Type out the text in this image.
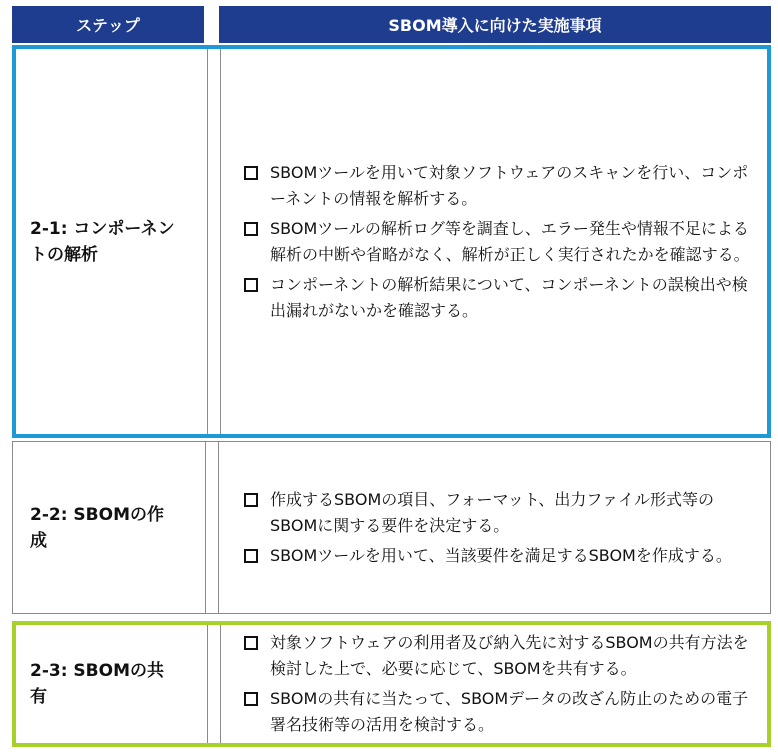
ステップ	SBOM導入に向けた実施事項
2-1: コンポーネントの解析
SBOMツールを用いて対象ソフトウェアのスキャンを行い、コンポーネントの情報を解析する。
SBOMツールの解析ログ等を調査し、エラー発生や情報不足による解析の中断や省略がなく、解析が正しく実行されたかを確認する。
コンポーネントの解析結果について、コンポーネントの誤検出や検出漏れがないかを確認する。
2-2: SBOMの作成
作成するSBOMの項目、フォーマット、出力ファイル形式等のSBOMに関する要件を決定する。
SBOMツールを用いて、当該要件を満足するSBOMを作成する。
2-3: SBOMの共有
対象ソフトウェアの利用者及び納入先に対するSBOMの共有方法を検討した上で、必要に応じて、SBOMを共有する。
SBOMの共有に当たって、SBOMデータの改ざん防止のための電子署名技術等の活用を検討する。
